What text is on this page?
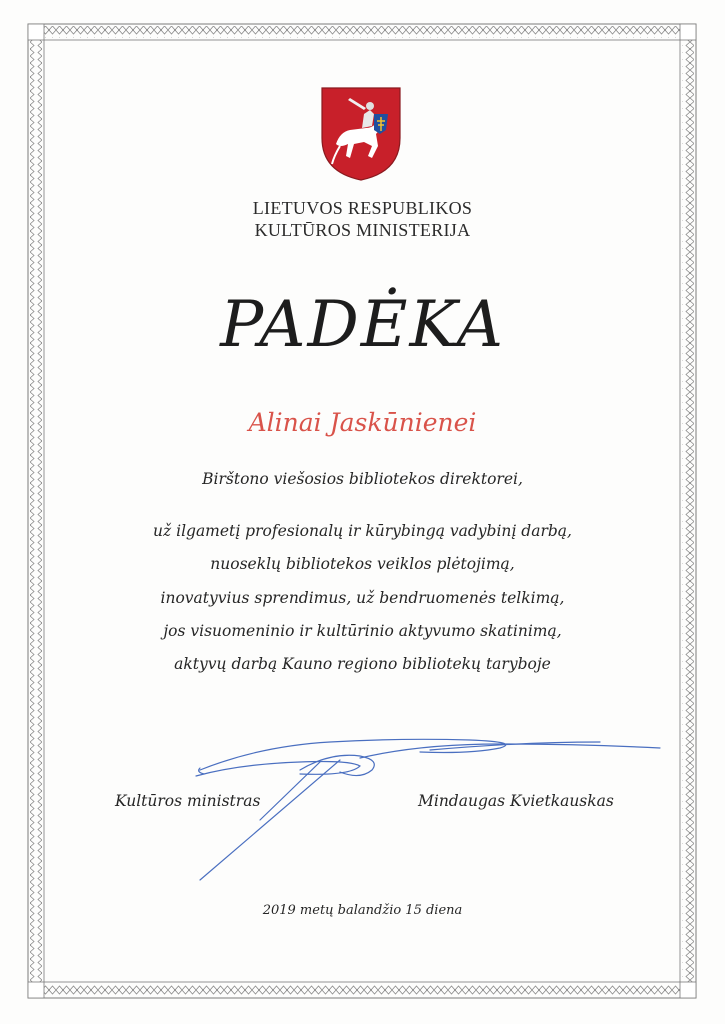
LIETUVOS RESPUBLIKOS
KULTŪROS MINISTERIJA
PADĖKA
Alinai Jaskūnienei
Birštono viešosios bibliotekos direktorei,
už ilgametį profesionalų ir kūrybingą vadybinį darbą,
nuoseklų bibliotekos veiklos plėtojimą,
inovatyvius sprendimus, už bendruomenės telkimą,
jos visuomeninio ir kultūrinio aktyvumo skatinimą,
aktyvų darbą Kauno regiono bibliotekų taryboje
Kultūros ministras	Mindaugas Kvietkauskas
2019 metų balandžio 15 diena
